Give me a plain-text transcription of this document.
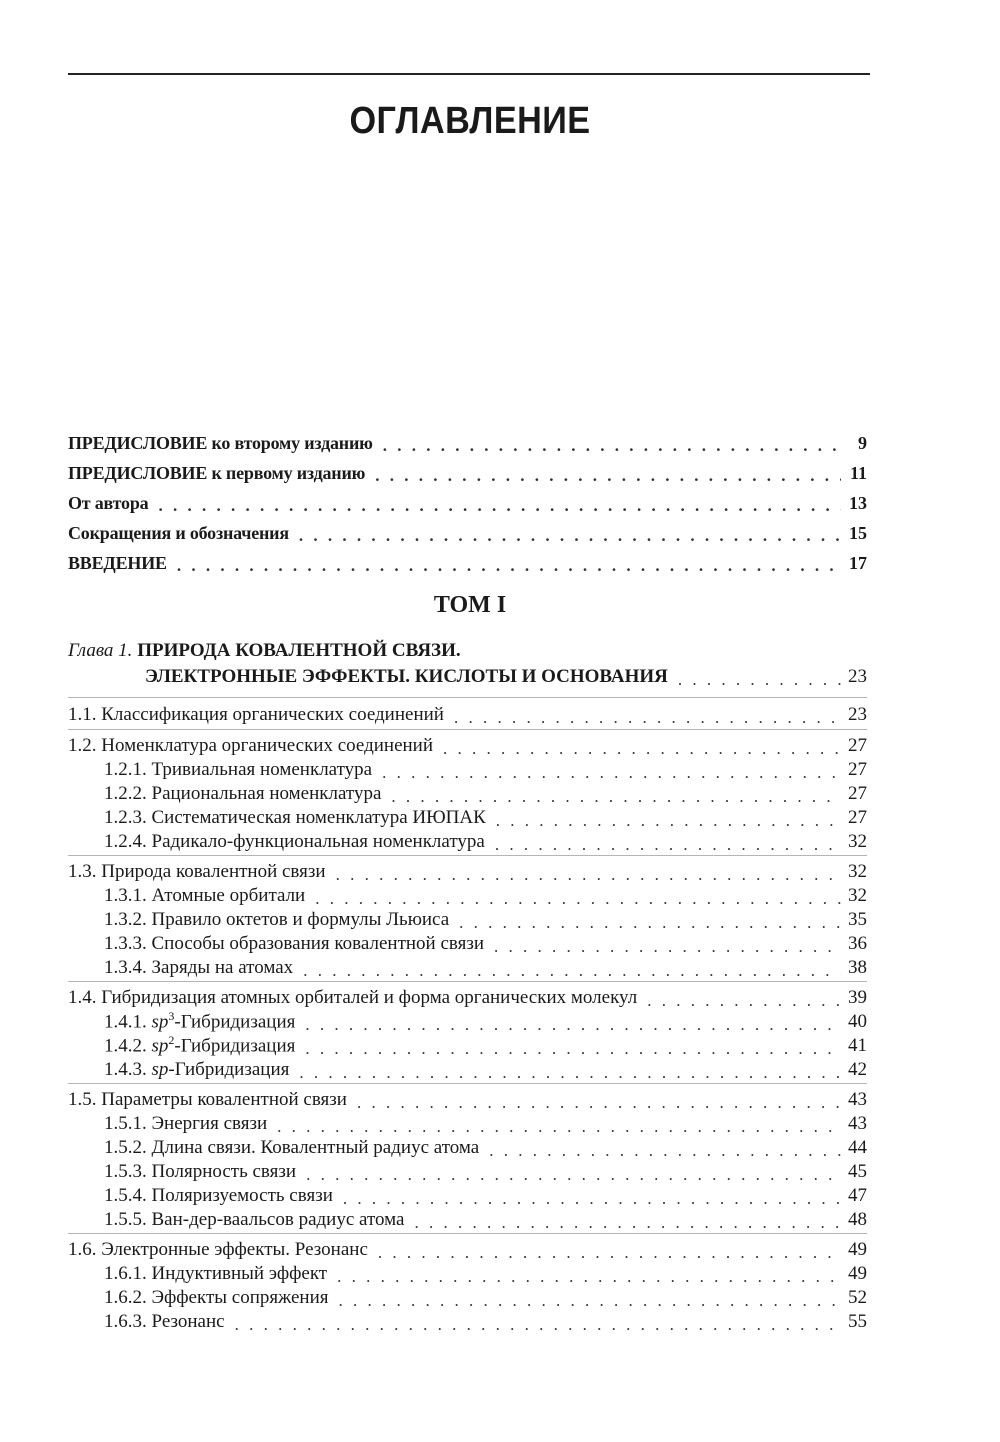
ОГЛАВЛЕНИЕ
ПРЕДИСЛОВИЕ ко второму изданию . . .	9
ПРЕДИСЛОВИЕ к первому изданию . . .	11
От автора . . .	13
Сокращения и обозначения . . .	15
ВВЕДЕНИЕ . . .	17
ТОМ I
Глава 1. ПРИРОДА КОВАЛЕНТНОЙ СВЯЗИ.
ЭЛЕКТРОННЫЕ ЭФФЕКТЫ. КИСЛОТЫ И ОСНОВАНИЯ . . .	23
1.1. Классификация органических соединений . . .	23
1.2. Номенклатура органических соединений . . .	27
1.2.1. Тривиальная номенклатура . . .	27
1.2.2. Рациональная номенклатура . . .	27
1.2.3. Систематическая номенклатура ИЮПАК . . .	27
1.2.4. Радикало-функциональная номенклатура . . .	32
1.3. Природа ковалентной связи . . .	32
1.3.1. Атомные орбитали . . .	32
1.3.2. Правило октетов и формулы Льюиса . . .	35
1.3.3. Способы образования ковалентной связи . . .	36
1.3.4. Заряды на атомах . . .	38
1.4. Гибридизация атомных орбиталей и форма органических молекул . . .	39
1.4.1. $sp^3$-Гибридизация . . .	40
1.4.2. $sp^2$-Гибридизация . . .	41
1.4.3. sp-Гибридизация . . .	42
1.5. Параметры ковалентной связи . . .	43
1.5.1. Энергия связи . . .	43
1.5.2. Длина связи. Ковалентный радиус атома . . .	44
1.5.3. Полярность связи . . .	45
1.5.4. Поляризуемость связи . . .	47
1.5.5. Ван-дер-ваальсов радиус атома . . .	48
1.6. Электронные эффекты. Резонанс . . .	49
1.6.1. Индуктивный эффект . . .	49
1.6.2. Эффекты сопряжения . . .	52
1.6.3. Резонанс . . .	55
